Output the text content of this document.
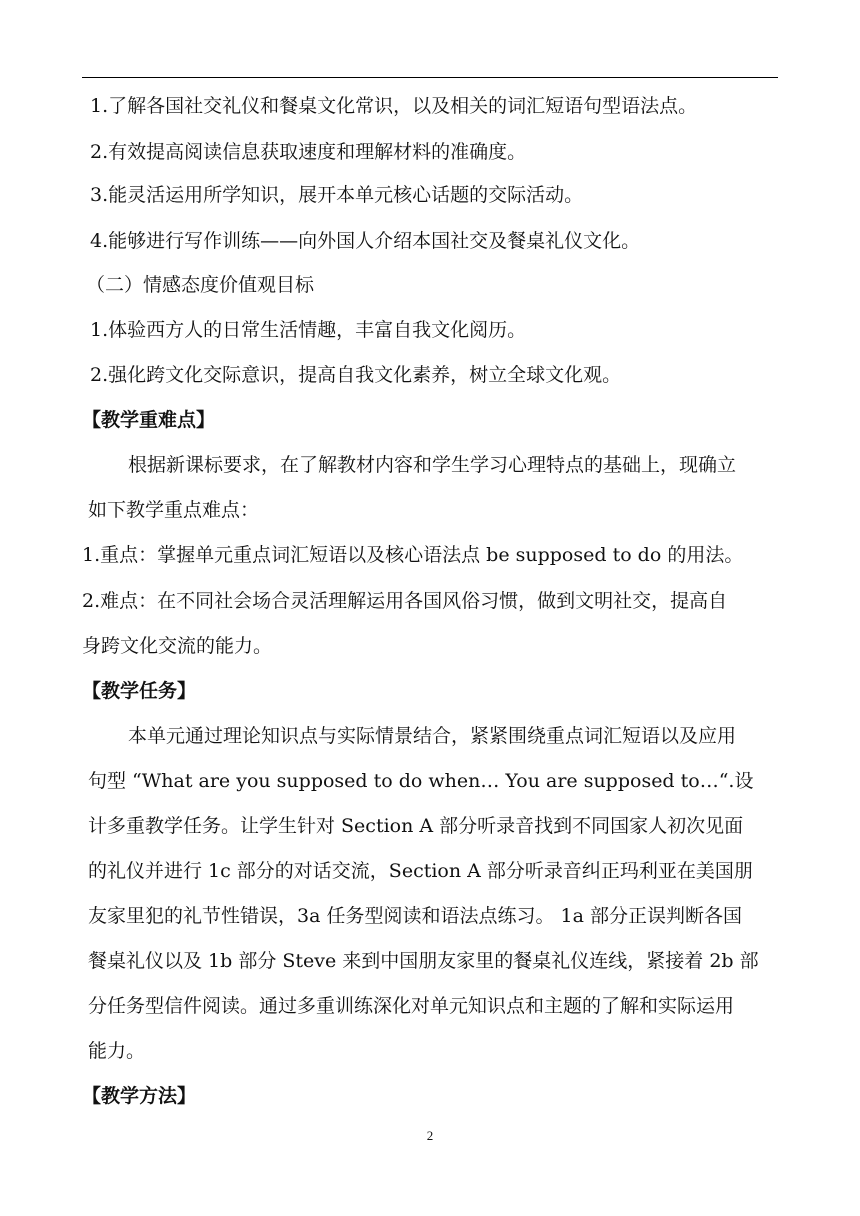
1.了解各国社交礼仪和餐桌文化常识，以及相关的词汇短语句型语法点。
2.有效提高阅读信息获取速度和理解材料的准确度。
3.能灵活运用所学知识，展开本单元核心话题的交际活动。
4.能够进行写作训练——向外国人介绍本国社交及餐桌礼仪文化。
（二）情感态度价值观目标
1.体验西方人的日常生活情趣，丰富自我文化阅历。
2.强化跨文化交际意识，提高自我文化素养，树立全球文化观。
【教学重难点】
根据新课标要求，在了解教材内容和学生学习心理特点的基础上，现确立
如下教学重点难点：
1.重点：掌握单元重点词汇短语以及核心语法点 be supposed to do 的用法。
2.难点：在不同社会场合灵活理解运用各国风俗习惯，做到文明社交，提高自
身跨文化交流的能力。
【教学任务】
本单元通过理论知识点与实际情景结合，紧紧围绕重点词汇短语以及应用
句型 “What are you supposed to do when… You are supposed to…“.设
计多重教学任务。让学生针对 Section A 部分听录音找到不同国家人初次见面
的礼仪并进行 1c 部分的对话交流，Section A 部分听录音纠正玛利亚在美国朋
友家里犯的礼节性错误，3a 任务型阅读和语法点练习。 1a 部分正误判断各国
餐桌礼仪以及 1b 部分 Steve 来到中国朋友家里的餐桌礼仪连线，紧接着 2b 部
分任务型信件阅读。通过多重训练深化对单元知识点和主题的了解和实际运用
能力。
【教学方法】
2
